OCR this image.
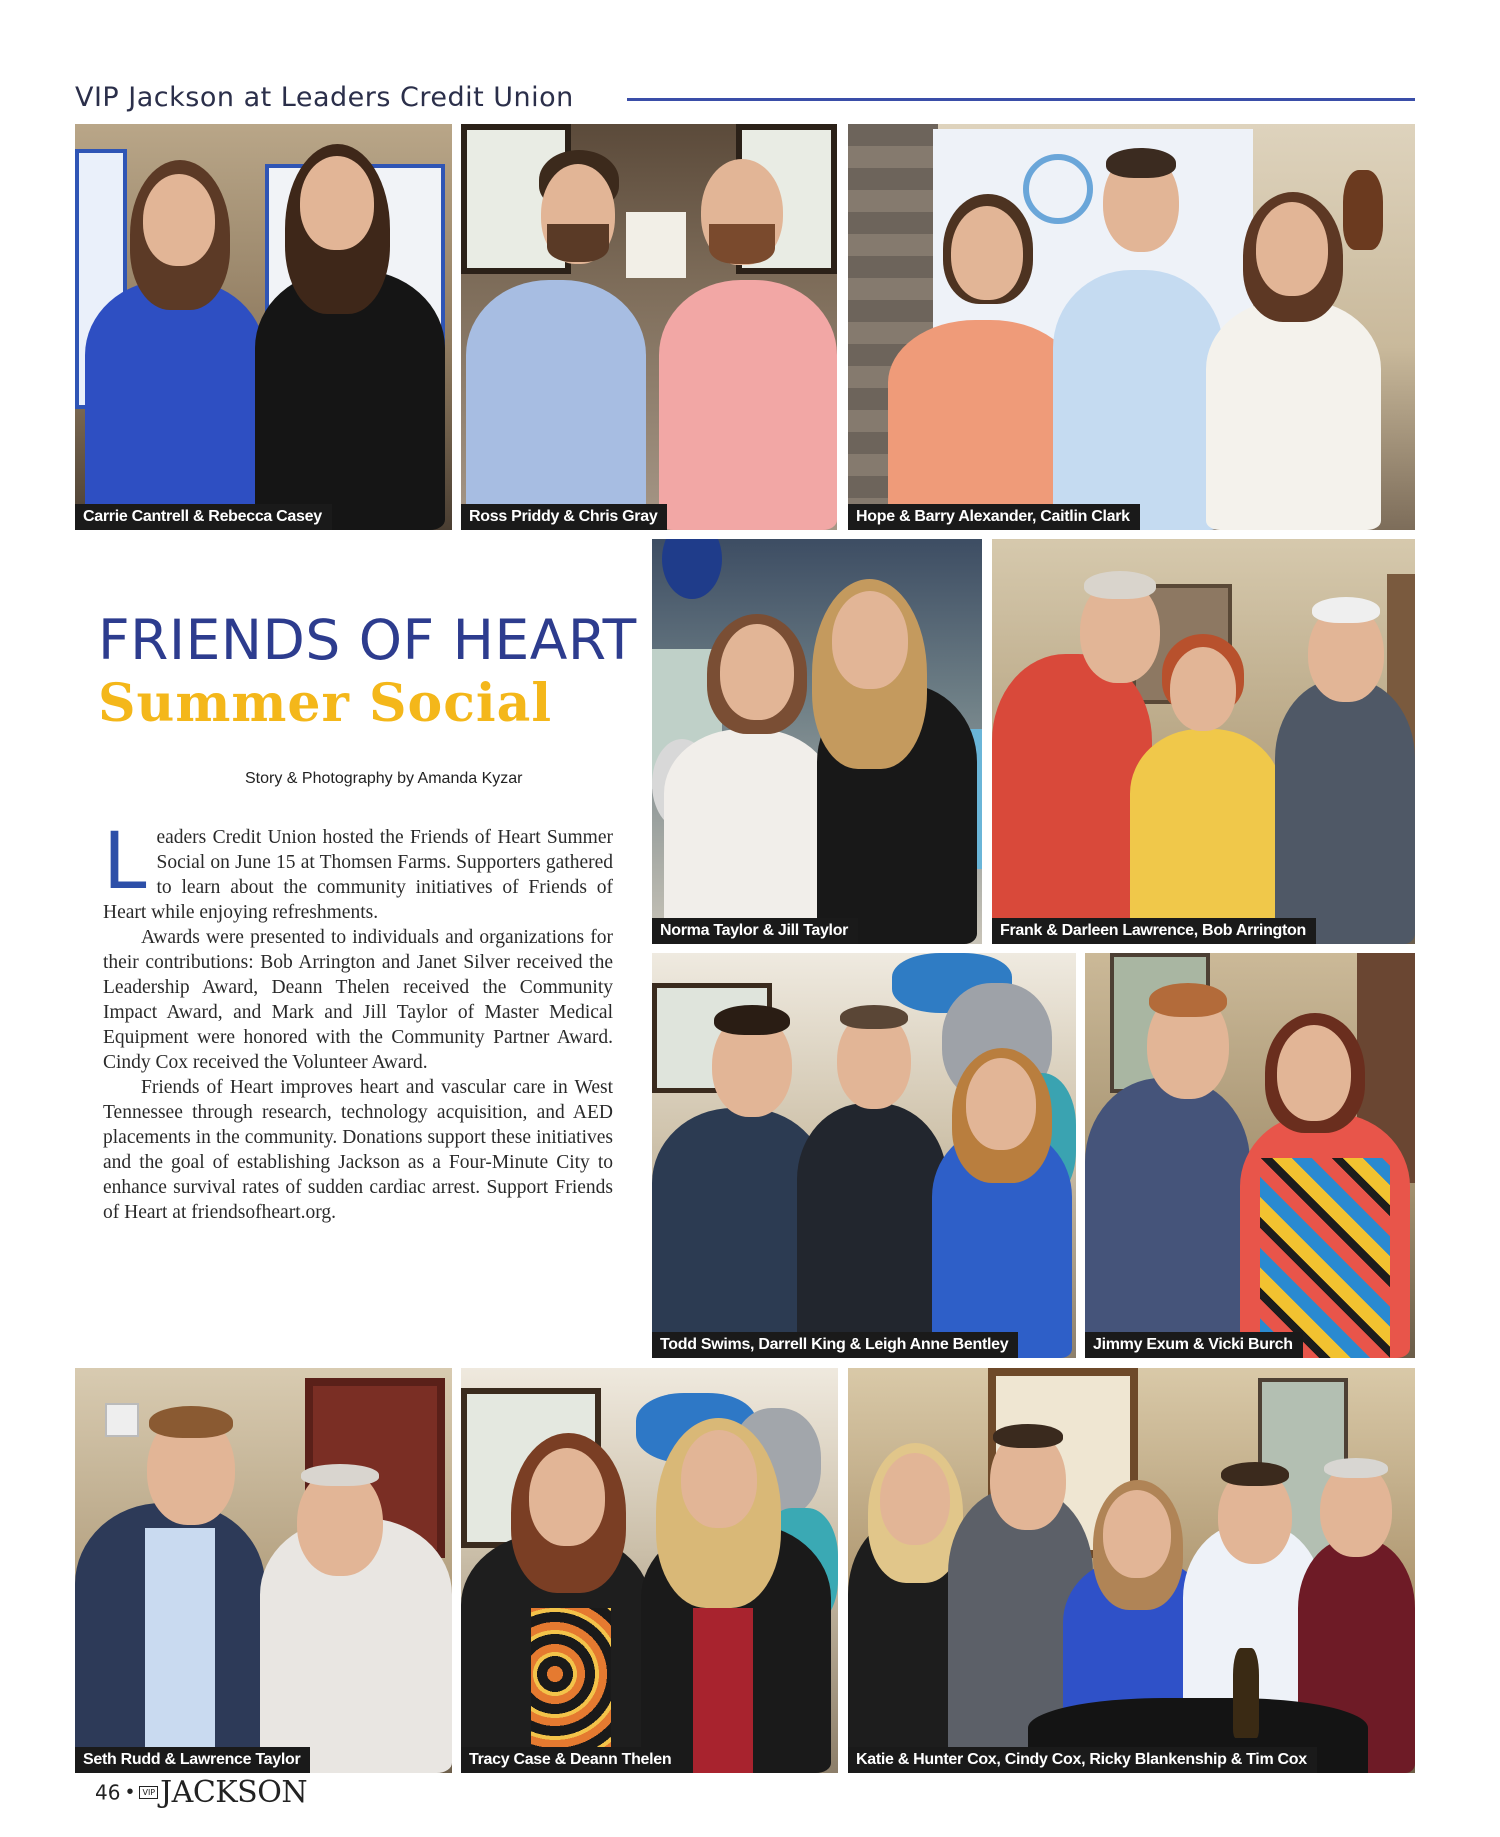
VIP Jackson at Leaders Credit Union
Carrie Cantrell & Rebecca Casey	Ross Priddy & Chris Gray	Hope & Barry Alexander, Caitlin Clark
FRIENDS OF HEART
Summer Social
Story & Photography by Amanda Kyzar

Leaders Credit Union hosted the Friends of Heart Summer Social on June 15 at Thomsen Farms. Supporters gathered to learn about the community initiatives of Friends of Heart while enjoying refreshments.

Awards were presented to individuals and organizations for their contributions: Bob Arrington and Janet Silver received the Leadership Award, Deann Thelen received the Community Impact Award, and Mark and Jill Taylor of Master Medical Equipment were honored with the Community Partner Award. Cindy Cox received the Volunteer Award.

Friends of Heart improves heart and vascular care in West Tennessee through research, technology acquisition, and AED placements in the community. Donations support these initiatives and the goal of establishing Jackson as a Four-Minute City to enhance survival rates of sudden cardiac arrest. Support Friends of Heart at friendsofheart.org.

Norma Taylor & Jill Taylor	Frank & Darleen Lawrence, Bob Arrington
Todd Swims, Darrell King & Leigh Anne Bentley	Jimmy Exum & Vicki Burch
Seth Rudd & Lawrence Taylor	Tracy Case & Deann Thelen	Katie & Hunter Cox, Cindy Cox, Ricky Blankenship & Tim Cox
46 • VIP JACKSON
